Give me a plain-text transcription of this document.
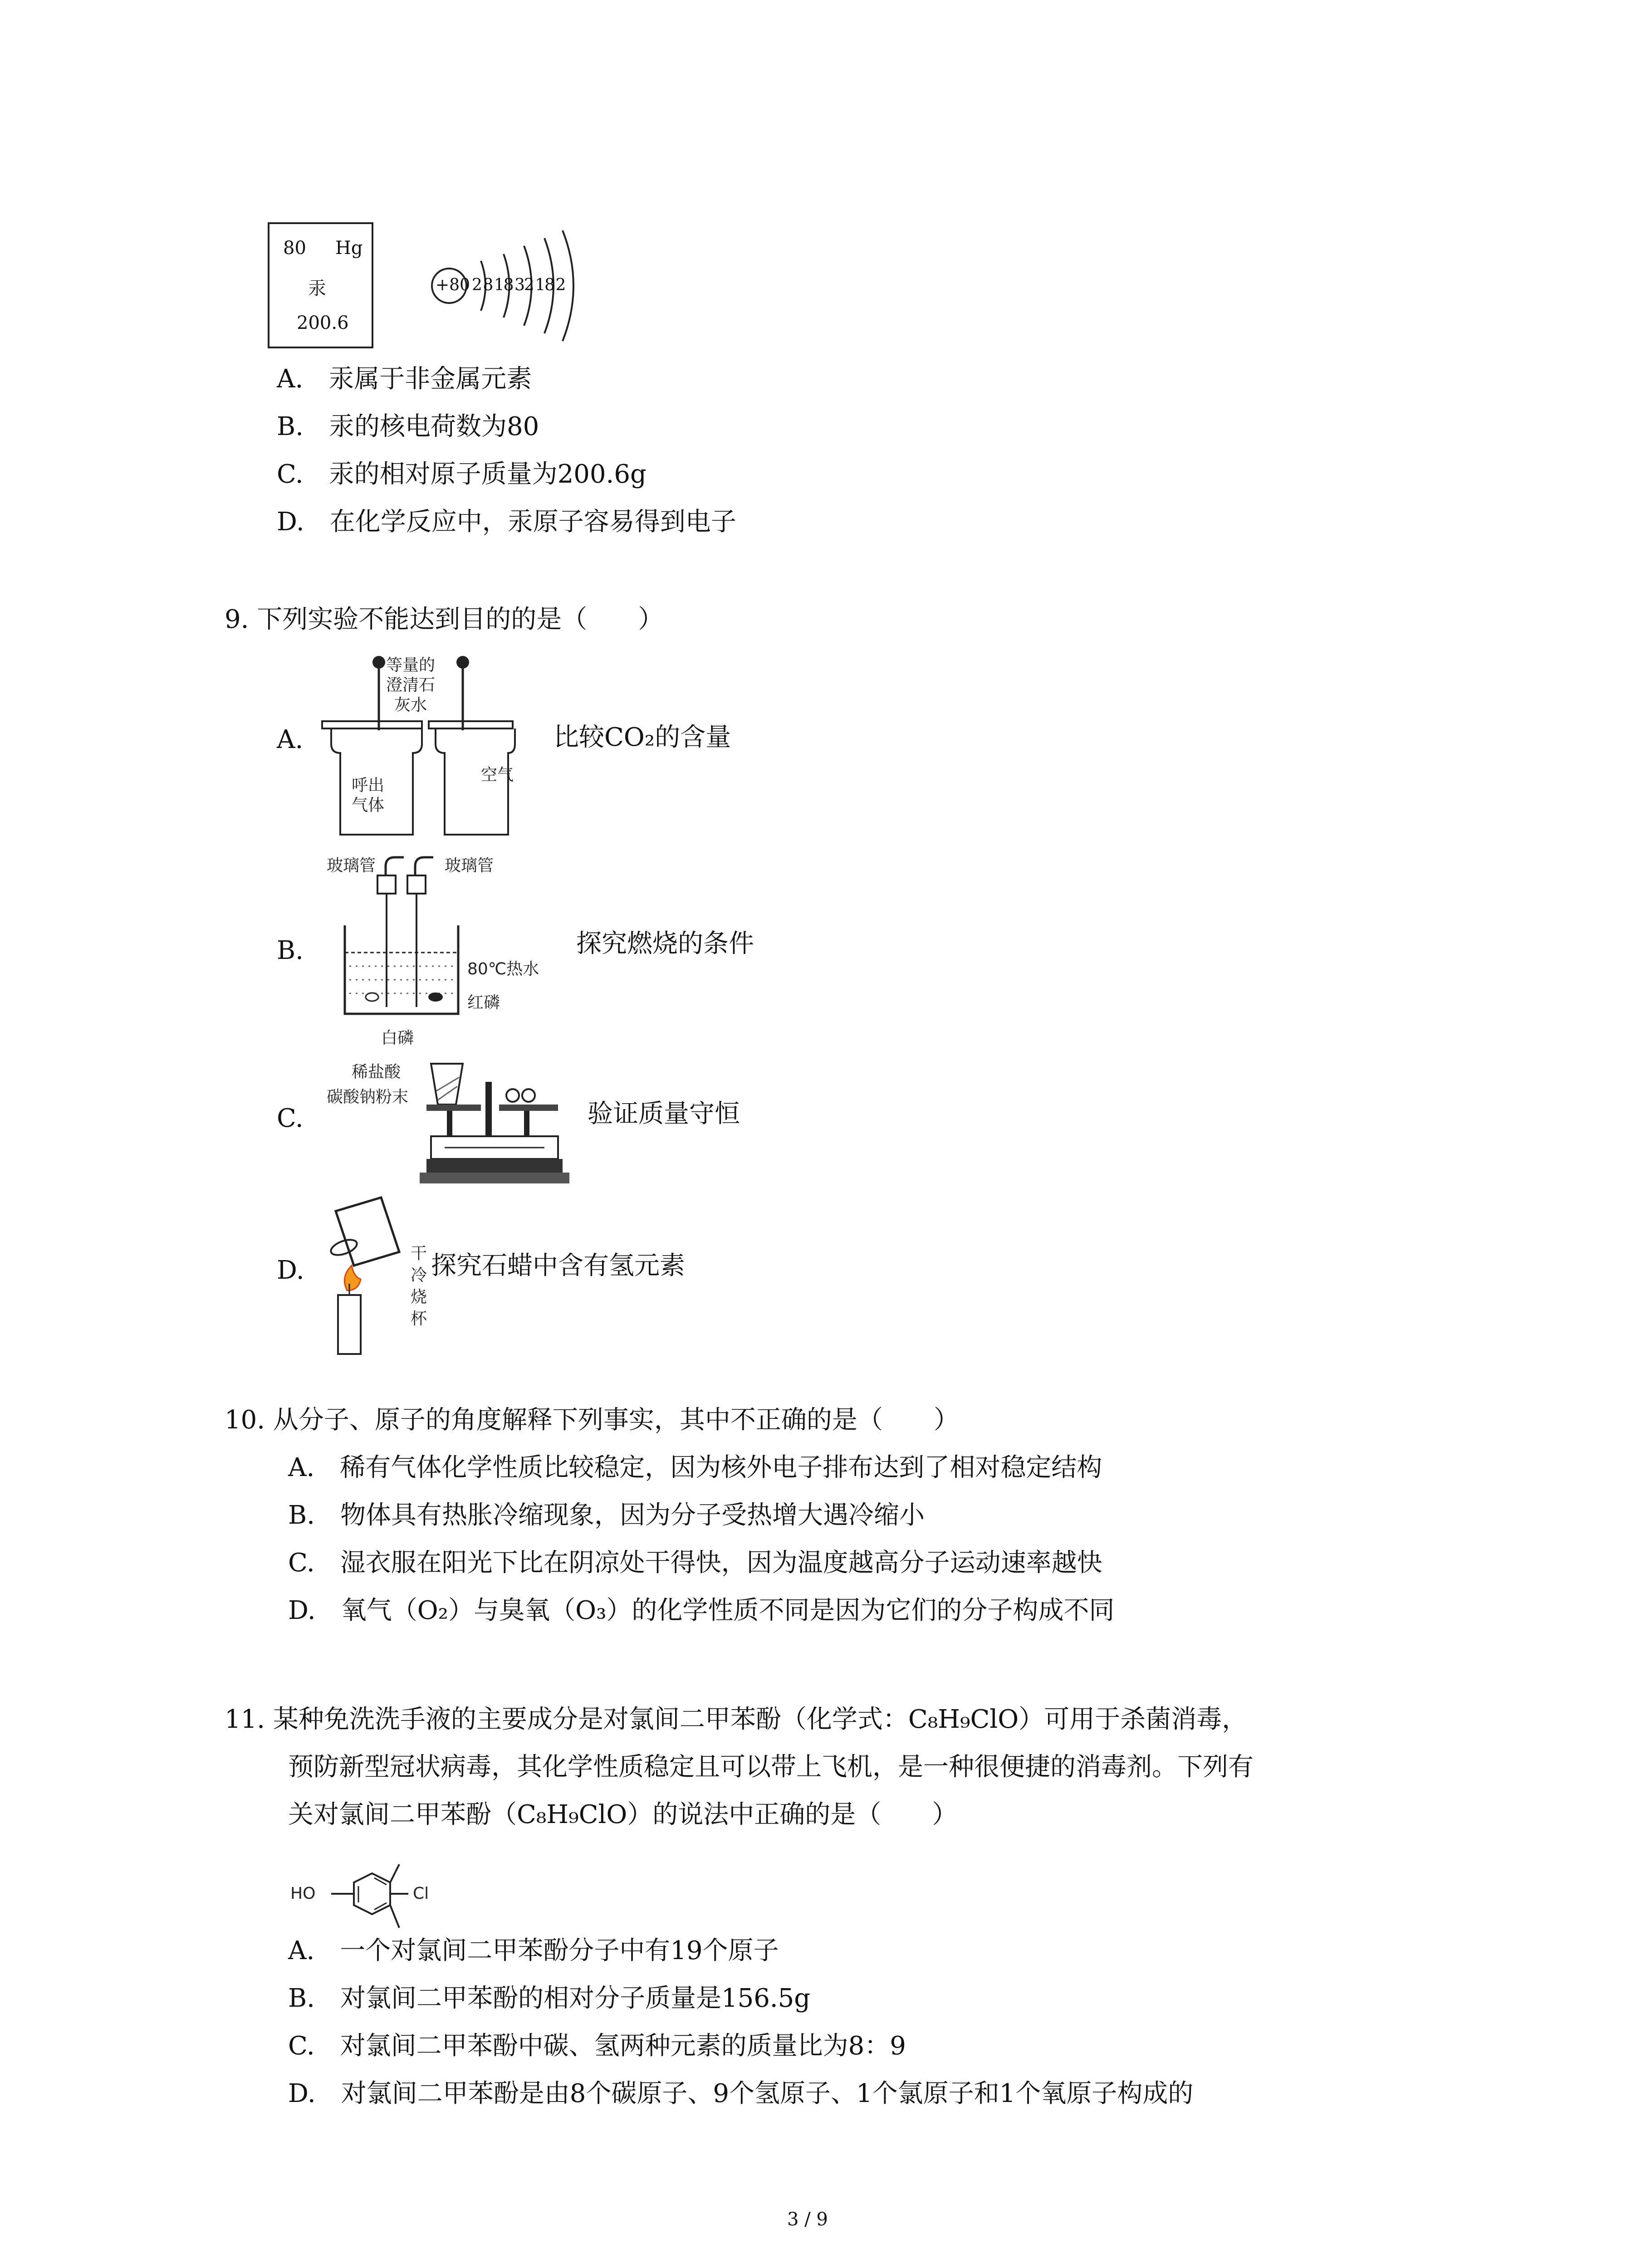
80 Hg
汞
200.6
+80 2 8 18 32 18 2
A.　 汞属于非金属元素
B.　 汞的核电荷数为80
C.　 汞的相对原子质量为200.6g
D.　 在化学反应中，汞原子容易得到电子
9. 下列实验不能达到目的的是（　　）
A.
等量的澄清石灰水
呼出气体
空气
比较CO₂的含量
B.
玻璃管	玻璃管
80℃热水
红磷
白磷
探究燃烧的条件
C.
稀盐酸
碳酸钠粉末
验证质量守恒
D.
干冷烧杯
探究石蜡中含有氢元素
10. 从分子、原子的角度解释下列事实，其中不正确的是（　　）
A.　 稀有气体化学性质比较稳定，因为核外电子排布达到了相对稳定结构
B.　 物体具有热胀冷缩现象，因为分子受热增大遇冷缩小
C.　 湿衣服在阳光下比在阴凉处干得快，因为温度越高分子运动速率越快
D.　 氧气（O₂）与臭氧（O₃）的化学性质不同是因为它们的分子构成不同
11. 某种免洗洗手液的主要成分是对氯间二甲苯酚（化学式：C₈H₉ClO）可用于杀菌消毒，
预防新型冠状病毒，其化学性质稳定且可以带上飞机，是一种很便捷的消毒剂。下列有
关对氯间二甲苯酚（C₈H₉ClO）的说法中正确的是（　　）
HO	Cl
A.　 一个对氯间二甲苯酚分子中有19个原子
B.　 对氯间二甲苯酚的相对分子质量是156.5g
C.　 对氯间二甲苯酚中碳、氢两种元素的质量比为8：9
D.　 对氯间二甲苯酚是由8个碳原子、9个氢原子、1个氯原子和1个氧原子构成的
3 / 9
